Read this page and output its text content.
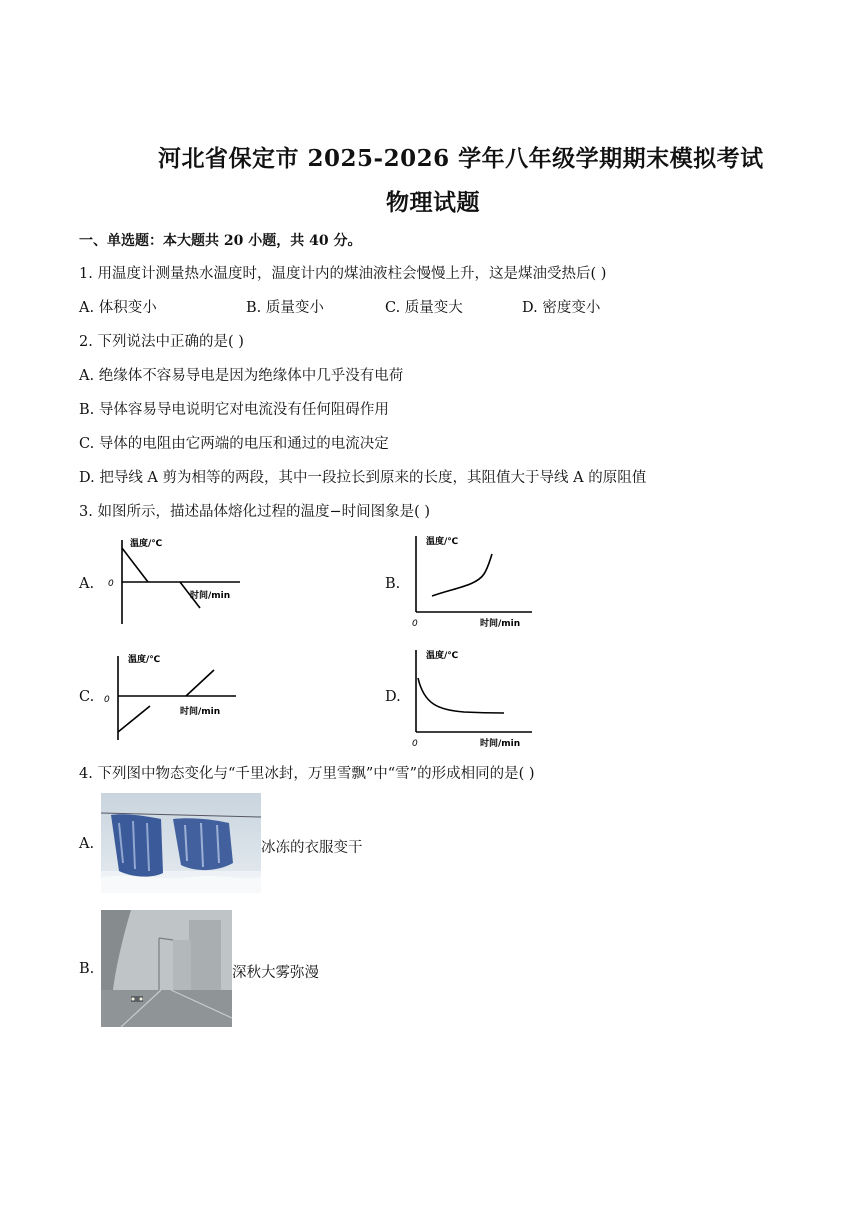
河北省保定市 2025-2026 学年八年级学期期末模拟考试
物理试题
一、单选题：本大题共 20 小题，共 40 分。
1. 用温度计测量热水温度时，温度计内的煤油液柱会慢慢上升，这是煤油受热后( )
A. 体积变小	B. 质量变小	C. 质量变大	D. 密度变小
2. 下列说法中正确的是( )
A. 绝缘体不容易导电是因为绝缘体中几乎没有电荷
B. 导体容易导电说明它对电流没有任何阻碍作用
C. 导体的电阻由它两端的电压和通过的电流决定
D. 把导线 A 剪为相等的两段，其中一段拉长到原来的长度，其阻值大于导线 A 的原阻值
3. 如图所示，描述晶体熔化过程的温度−时间图象是( )
A.
温度/℃
0
时间/min
B.
温度/℃
0	时间/min
C.
温度/℃
0
时间/min
D.
温度/℃
0	时间/min
4. 下列图中物态变化与“千里冰封，万里雪飘”中“雪”的形成相同的是( )
A.	冰冻的衣服变干
B.	深秋大雾弥漫
